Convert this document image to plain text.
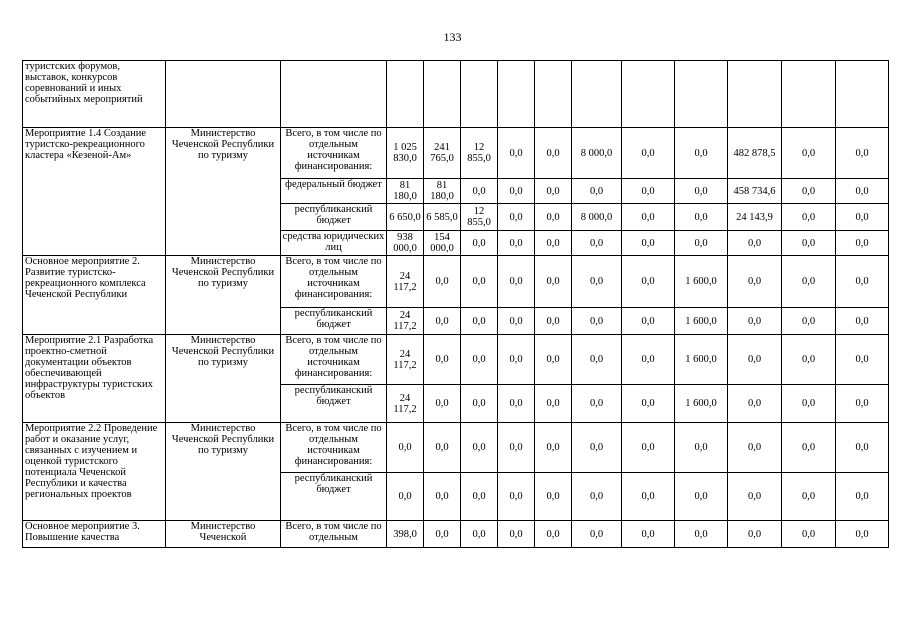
133
туристских форумов, выставок, конкурсов соревнований и иных событийных мероприятий													
Мероприятие 1.4 Создание туристско-рекреационного кластера «Кезеной-Ам»	Министерство Чеченской Республики по туризму	Всего, в том числе по отдельным источникам финансирования:	1 025 830,0	241 765,0	12 855,0	0,0	0,0	8 000,0	0,0	0,0	482 878,5	0,0	0,0
		федеральный бюджет	81 180,0	81 180,0	0,0	0,0	0,0	0,0	0,0	0,0	458 734,6	0,0	0,0
		республиканский бюджет	6 650,0	6 585,0	12 855,0	0,0	0,0	8 000,0	0,0	0,0	24 143,9	0,0	0,0
		средства юридических лиц	938 000,0	154 000,0	0,0	0,0	0,0	0,0	0,0	0,0	0,0	0,0	0,0
Основное мероприятие 2. Развитие туристско-рекреационного комплекса Чеченской Республики	Министерство Чеченской Республики по туризму	Всего, в том числе по отдельным источникам финансирования:	24 117,2	0,0	0,0	0,0	0,0	0,0	0,0	1 600,0	0,0	0,0	0,0
		республиканский бюджет	24 117,2	0,0	0,0	0,0	0,0	0,0	0,0	1 600,0	0,0	0,0	0,0
Мероприятие 2.1 Разработка проектно-сметной документации объектов обеспечивающей инфраструктуры туристских объектов	Министерство Чеченской Республики по туризму	Всего, в том числе по отдельным источникам финансирования:	24 117,2	0,0	0,0	0,0	0,0	0,0	0,0	1 600,0	0,0	0,0	0,0
		республиканский бюджет	24 117,2	0,0	0,0	0,0	0,0	0,0	0,0	1 600,0	0,0	0,0	0,0
Мероприятие 2.2 Проведение работ и оказание услуг, связанных с изучением и оценкой туристского потенциала Чеченской Республики и качества региональных проектов	Министерство Чеченской Республики по туризму	Всего, в том числе по отдельным источникам финансирования:	0,0	0,0	0,0	0,0	0,0	0,0	0,0	0,0	0,0	0,0	0,0
		республиканский бюджет	0,0	0,0	0,0	0,0	0,0	0,0	0,0	0,0	0,0	0,0	0,0
Основное мероприятие 3. Повышение качества	Министерство Чеченской	Всего, в том числе по отдельным	398,0	0,0	0,0	0,0	0,0	0,0	0,0	0,0	0,0	0,0	0,0
